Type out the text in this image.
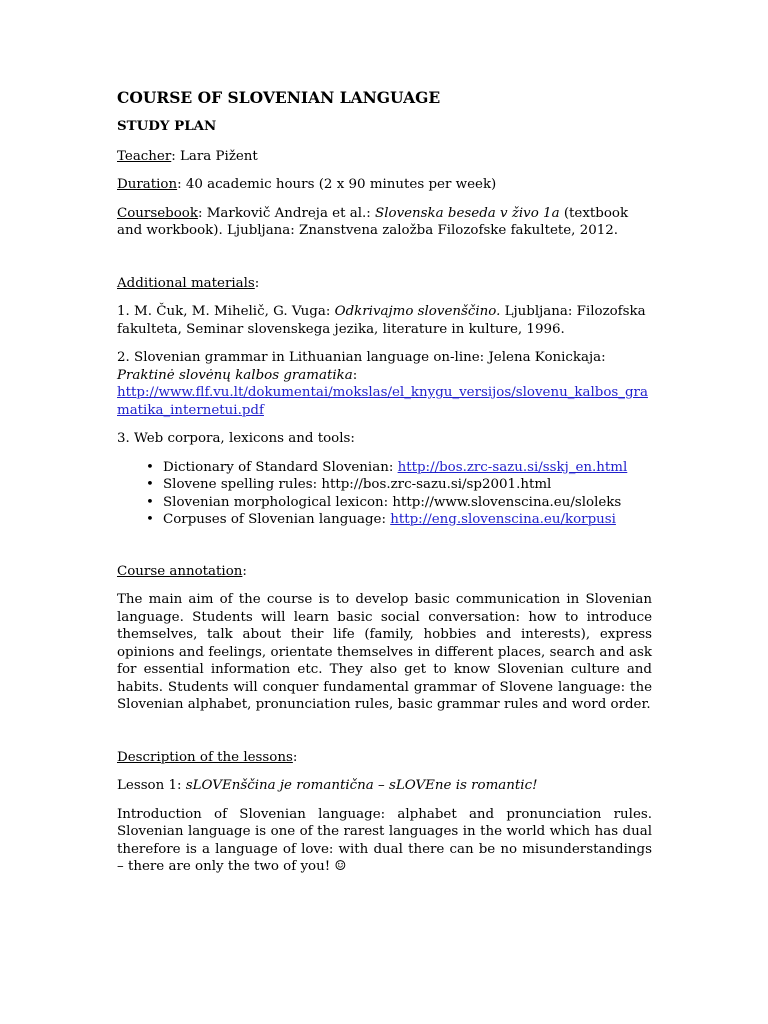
COURSE OF SLOVENIAN LANGUAGE
STUDY PLAN

Teacher: Lara Pižent

Duration: 40 academic hours (2 x 90 minutes per week)

Coursebook: Markovič Andreja et al.: Slovenska beseda v živo 1a (textbook and workbook). Ljubljana: Znanstvena založba Filozofske fakultete, 2012.

Additional materials:

1. M. Čuk, M. Mihelič, G. Vuga: Odkrivajmo slovenščino. Ljubljana: Filozofska fakulteta, Seminar slovenskega jezika, literature in kulture, 1996.

2. Slovenian grammar in Lithuanian language on-line: Jelena Konickaja: Praktinė slovėnų kalbos gramatika:
http://www.flf.vu.lt/dokumentai/mokslas/el_knygu_versijos/slovenu_kalbos_gramatika_internetui.pdf

3. Web corpora, lexicons and tools:

• Dictionary of Standard Slovenian: http://bos.zrc-sazu.si/sskj_en.html
• Slovene spelling rules: http://bos.zrc-sazu.si/sp2001.html
• Slovenian morphological lexicon: http://www.slovenscina.eu/sloleks
• Corpuses of Slovenian language: http://eng.slovenscina.eu/korpusi

Course annotation:

The main aim of the course is to develop basic communication in Slovenian language. Students will learn basic social conversation: how to introduce themselves, talk about their life (family, hobbies and interests), express opinions and feelings, orientate themselves in different places, search and ask for essential information etc. They also get to know Slovenian culture and habits. Students will conquer fundamental grammar of Slovene language: the Slovenian alphabet, pronunciation rules, basic grammar rules and word order.

Description of the lessons:

Lesson 1: sLOVEnščina je romantična – sLOVEne is romantic!

Introduction of Slovenian language: alphabet and pronunciation rules. Slovenian language is one of the rarest languages in the world which has dual therefore is a language of love: with dual there can be no misunderstandings – there are only the two of you! ☺
